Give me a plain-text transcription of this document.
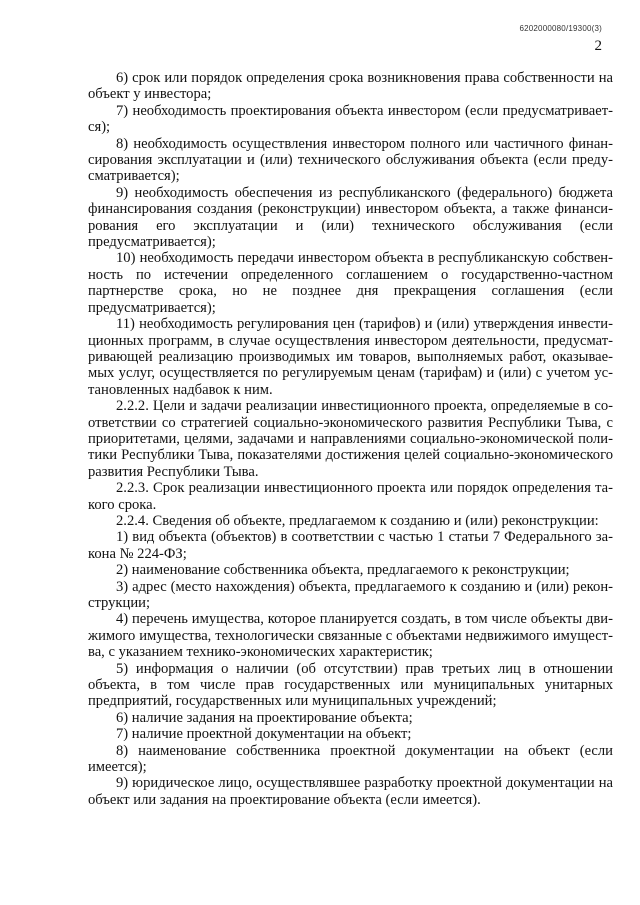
6202000080/19300(3)
2

6) срок или порядок определения срока возникновения права собственности на объект у инвестора;

7) необходимость проектирования объекта инвестором (если предусматривается);

8) необходимость осуществления инвестором полного или частичного финансирования эксплуатации и (или) технического обслуживания объекта (если предусматривается);

9) необходимость обеспечения из республиканского (федерального) бюджета финансирования создания (реконструкции) инвестором объекта, а также финансирования его эксплуатации и (или) технического обслуживания (если предусматривается);

10) необходимость передачи инвестором объекта в республиканскую собственность по истечении определенного соглашением о государственно-частном партнерстве срока, но не позднее дня прекращения соглашения (если предусматривается);

11) необходимость регулирования цен (тарифов) и (или) утверждения инвестиционных программ, в случае осуществления инвестором деятельности, предусматривающей реализацию производимых им товаров, выполняемых работ, оказываемых услуг, осуществляется по регулируемым ценам (тарифам) и (или) с учетом установленных надбавок к ним.

2.2.2. Цели и задачи реализации инвестиционного проекта, определяемые в соответствии со стратегией социально-экономического развития Республики Тыва, с приоритетами, целями, задачами и направлениями социально-экономической политики Республики Тыва, показателями достижения целей социально-экономического развития Республики Тыва.

2.2.3. Срок реализации инвестиционного проекта или порядок определения такого срока.

2.2.4. Сведения об объекте, предлагаемом к созданию и (или) реконструкции:

1) вид объекта (объектов) в соответствии с частью 1 статьи 7 Федерального закона № 224-ФЗ;

2) наименование собственника объекта, предлагаемого к реконструкции;

3) адрес (место нахождения) объекта, предлагаемого к созданию и (или) реконструкции;

4) перечень имущества, которое планируется создать, в том числе объекты движимого имущества, технологически связанные с объектами недвижимого имущества, с указанием технико-экономических характеристик;

5) информация о наличии (об отсутствии) прав третьих лиц в отношении объекта, в том числе прав государственных или муниципальных унитарных предприятий, государственных или муниципальных учреждений;

6) наличие задания на проектирование объекта;

7) наличие проектной документации на объект;

8) наименование собственника проектной документации на объект (если имеется);

9) юридическое лицо, осуществлявшее разработку проектной документации на объект или задания на проектирование объекта (если имеется).
